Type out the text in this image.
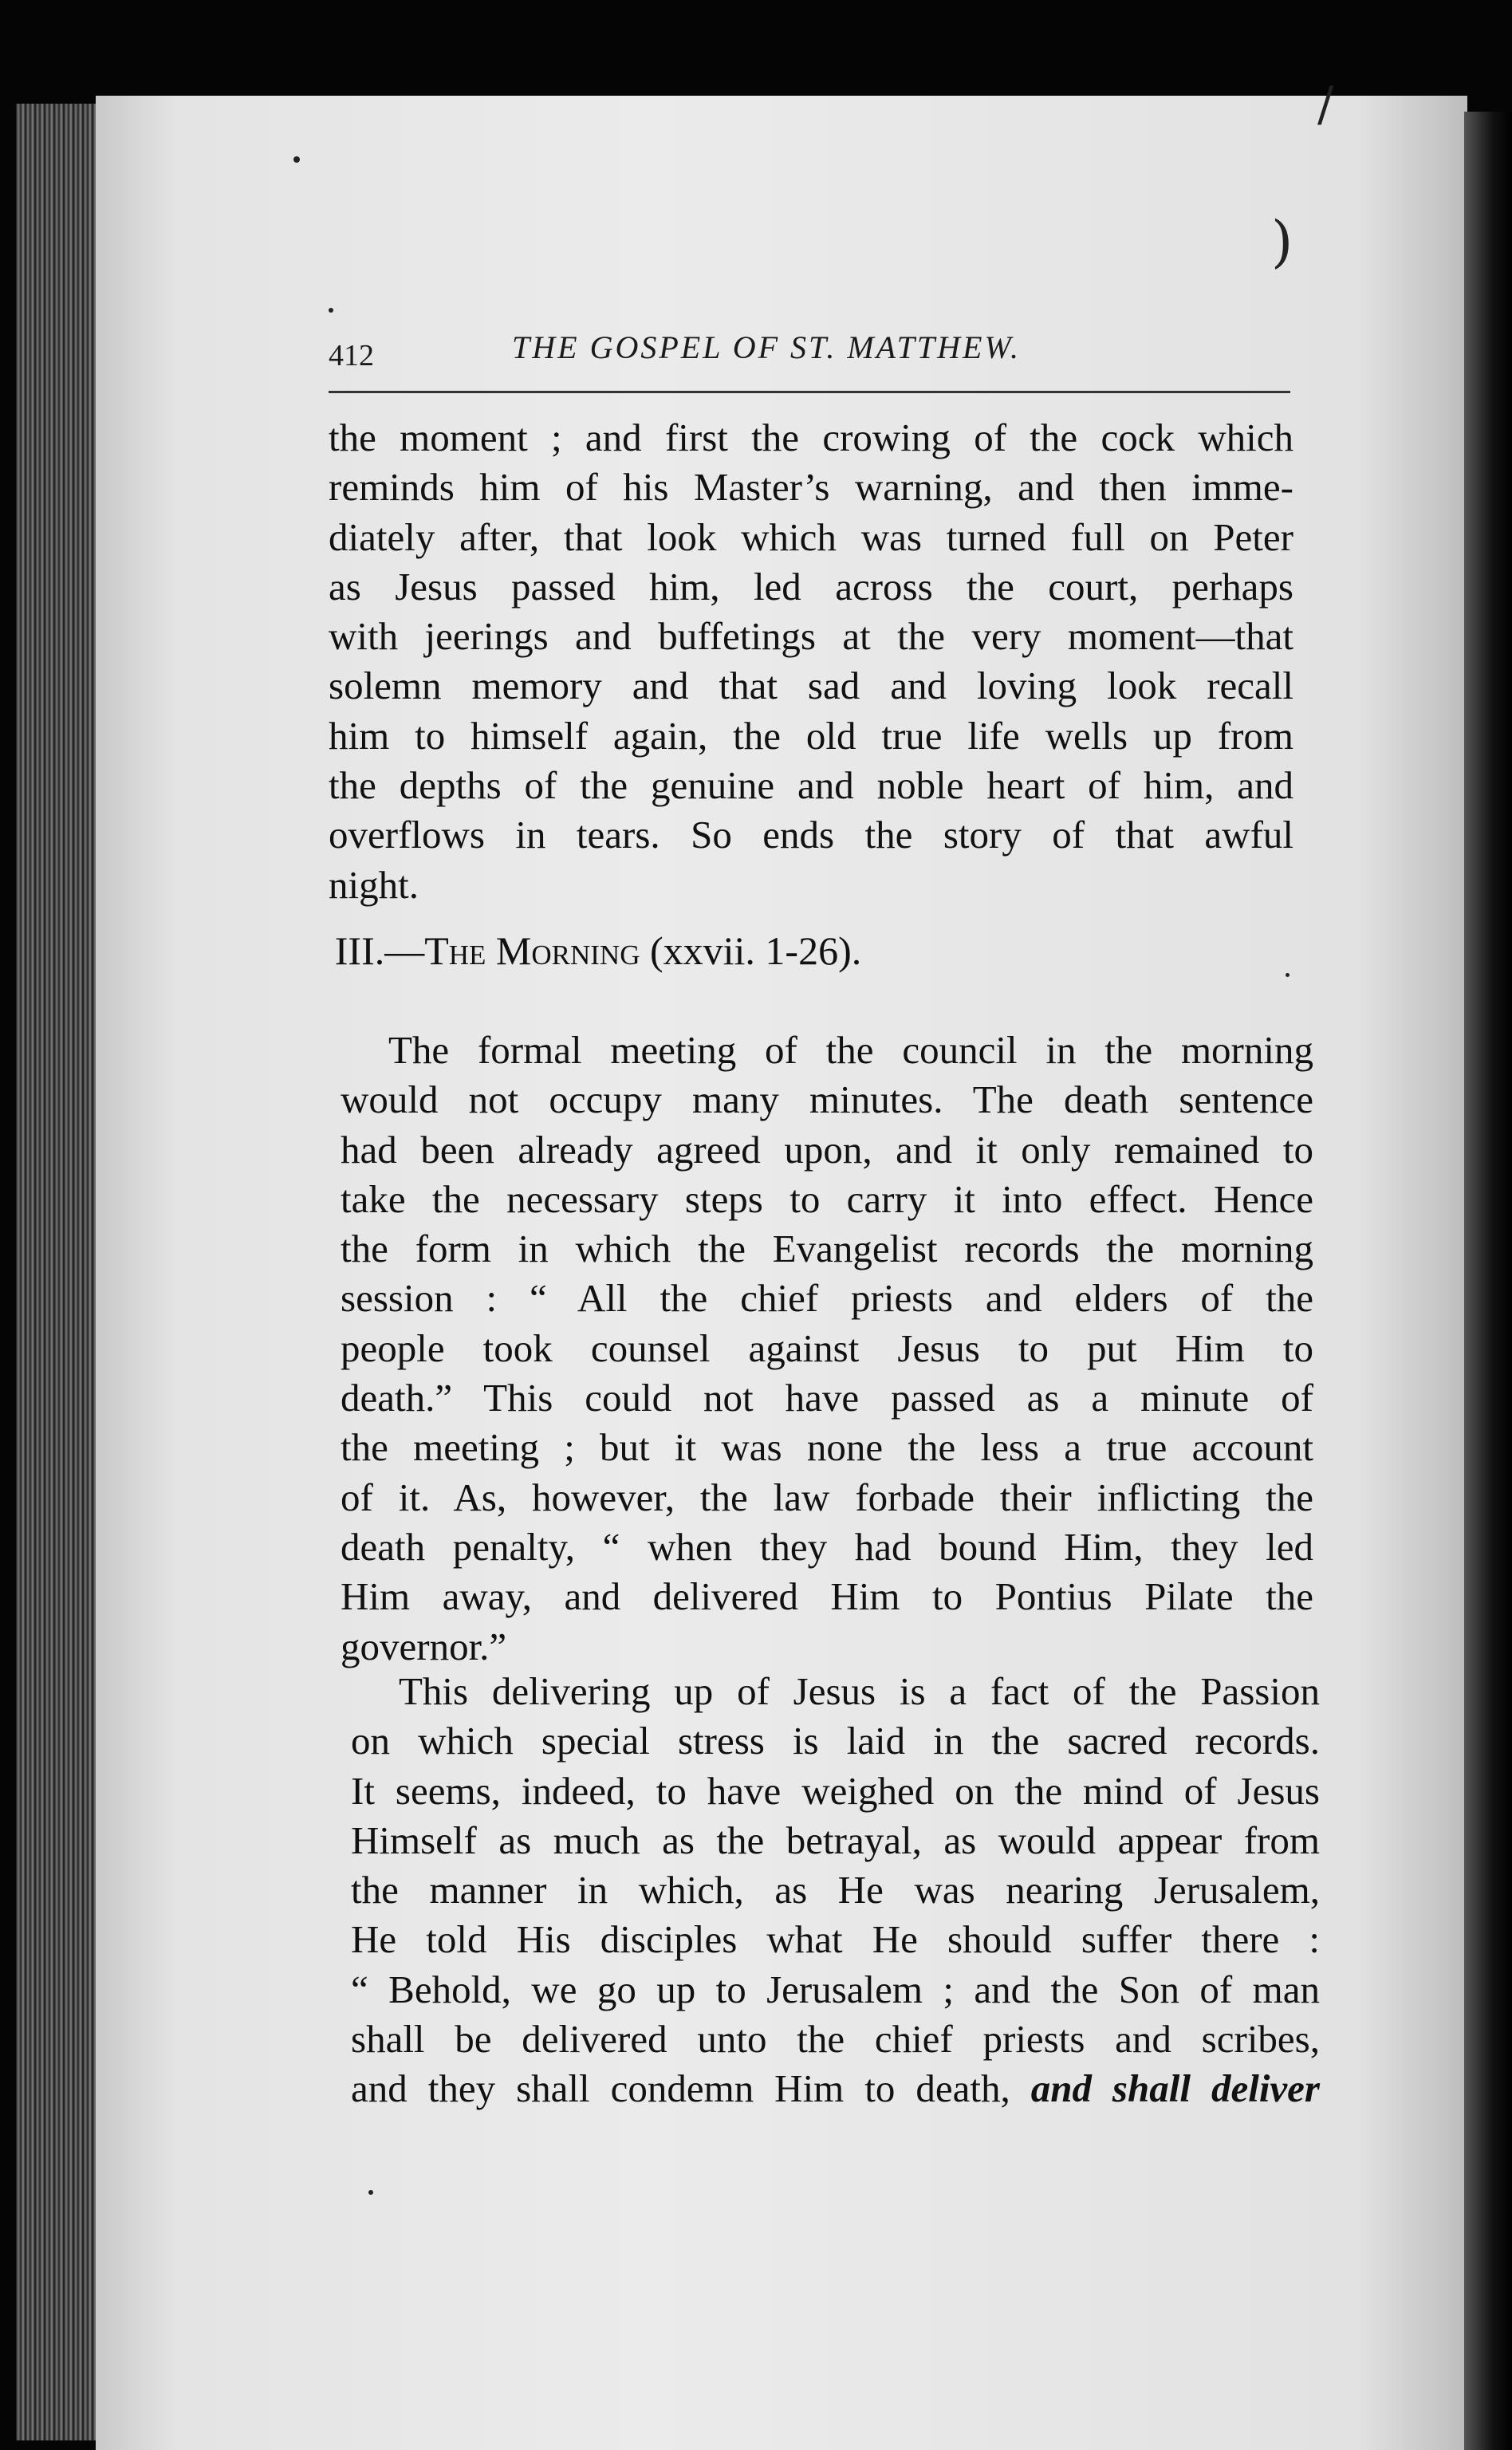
)
/
412	THE GOSPEL OF ST. MATTHEW.
the moment ; and first the crowing of the cock which
reminds him of his Master’s warning, and then imme-
diately after, that look which was turned full on Peter
as Jesus passed him, led across the court, perhaps
with jeerings and buffetings at the very moment—that
solemn memory and that sad and loving look recall
him to himself again, the old true life wells up from
the depths of the genuine and noble heart of him, and
overflows in tears. So ends the story of that awful
night.
III.—The Morning (xxvii. 1-26).
The formal meeting of the council in the morning
would not occupy many minutes. The death sentence
had been already agreed upon, and it only remained to
take the necessary steps to carry it into effect. Hence
the form in which the Evangelist records the morning
session : “ All the chief priests and elders of the
people took counsel against Jesus to put Him to
death.” This could not have passed as a minute of
the meeting ; but it was none the less a true account
of it. As, however, the law forbade their inflicting the
death penalty, “ when they had bound Him, they led
Him away, and delivered Him to Pontius Pilate the
governor.”
This delivering up of Jesus is a fact of the Passion
on which special stress is laid in the sacred records.
It seems, indeed, to have weighed on the mind of Jesus
Himself as much as the betrayal, as would appear from
the manner in which, as He was nearing Jerusalem,
He told His disciples what He should suffer there :
“ Behold, we go up to Jerusalem ; and the Son of man
shall be delivered unto the chief priests and scribes,
and they shall condemn Him to death, and shall deliver
